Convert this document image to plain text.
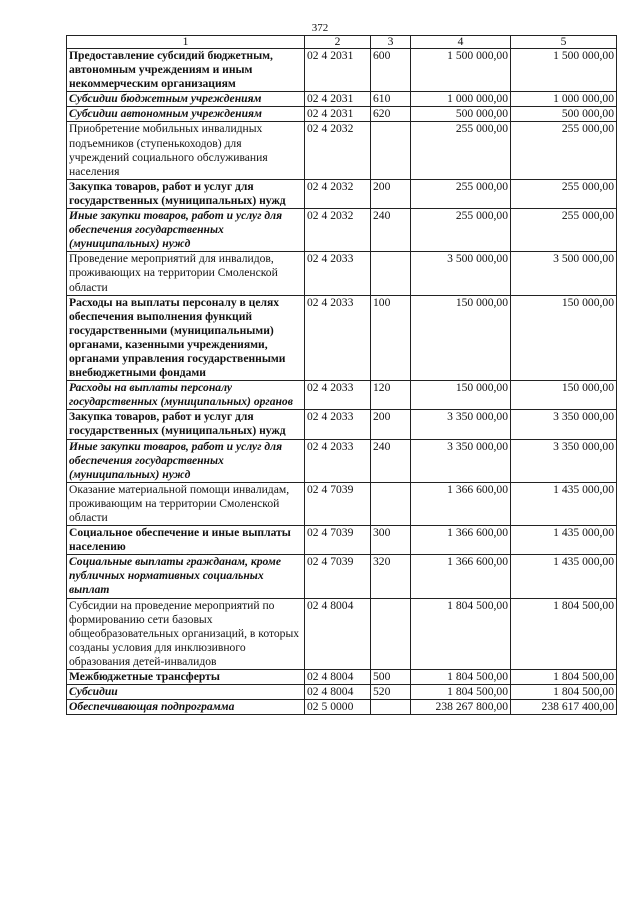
372
1	2	3	4	5
Предоставление субсидий бюджетным, автономным учреждениям и иным некоммерческим организациям	02 4 2031	600	1 500 000,00	1 500 000,00
Субсидии бюджетным учреждениям	02 4 2031	610	1 000 000,00	1 000 000,00
Субсидии автономным учреждениям	02 4 2031	620	500 000,00	500 000,00
Приобретение мобильных инвалидных подъемников (ступенькоходов) для учреждений социального обслуживания населения	02 4 2032		255 000,00	255 000,00
Закупка товаров, работ и услуг для государственных (муниципальных) нужд	02 4 2032	200	255 000,00	255 000,00
Иные закупки товаров, работ и услуг для обеспечения государственных (муниципальных) нужд	02 4 2032	240	255 000,00	255 000,00
Проведение мероприятий для инвалидов, проживающих на территории Смоленской области	02 4 2033		3 500 000,00	3 500 000,00
Расходы на выплаты персоналу в целях обеспечения выполнения функций государственными (муниципальными) органами, казенными учреждениями, органами управления государственными внебюджетными фондами	02 4 2033	100	150 000,00	150 000,00
Расходы на выплаты персоналу государственных (муниципальных) органов	02 4 2033	120	150 000,00	150 000,00
Закупка товаров, работ и услуг для государственных (муниципальных) нужд	02 4 2033	200	3 350 000,00	3 350 000,00
Иные закупки товаров, работ и услуг для обеспечения государственных (муниципальных) нужд	02 4 2033	240	3 350 000,00	3 350 000,00
Оказание материальной помощи инвалидам, проживающим на территории Смоленской области	02 4 7039		1 366 600,00	1 435 000,00
Социальное обеспечение и иные выплаты населению	02 4 7039	300	1 366 600,00	1 435 000,00
Социальные выплаты гражданам, кроме публичных нормативных социальных выплат	02 4 7039	320	1 366 600,00	1 435 000,00
Субсидии на проведение мероприятий по формированию сети базовых общеобразовательных организаций, в которых созданы условия для инклюзивного образования детей-инвалидов	02 4 8004		1 804 500,00	1 804 500,00
Межбюджетные трансферты	02 4 8004	500	1 804 500,00	1 804 500,00
Субсидии	02 4 8004	520	1 804 500,00	1 804 500,00
Обеспечивающая подпрограмма	02 5 0000		238 267 800,00	238 617 400,00
